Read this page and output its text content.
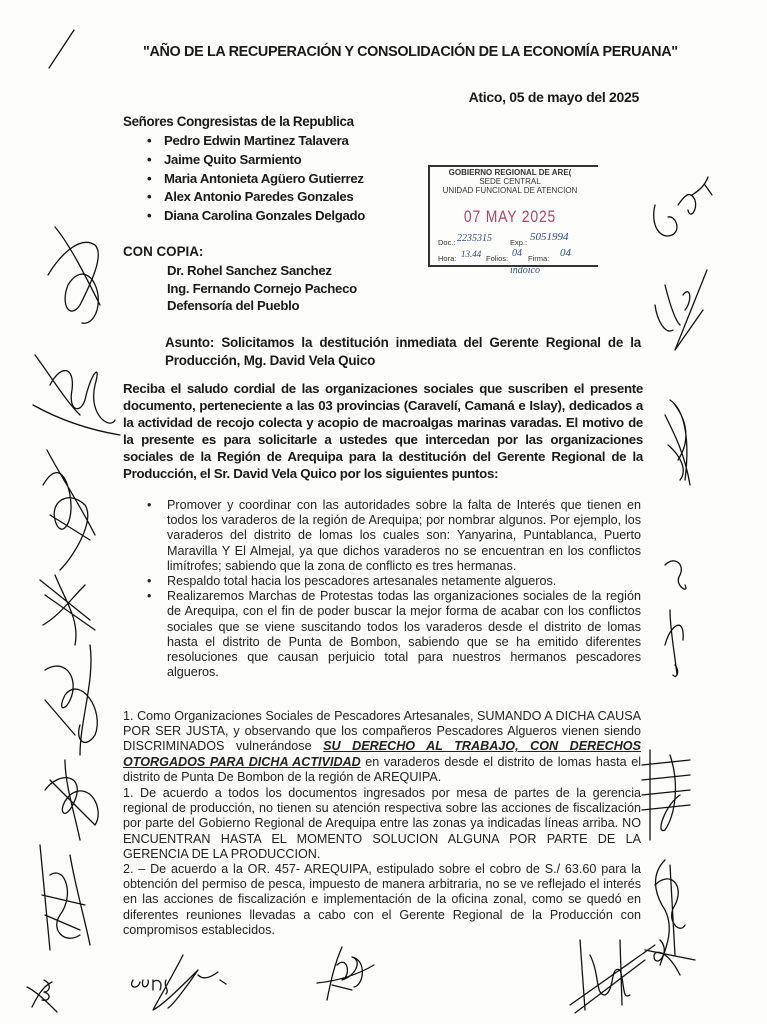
"AÑO DE LA RECUPERACIÓN Y CONSOLIDACIÓN DE LA ECONOMÍA PERUANA"
Atico, 05 de mayo del 2025
Señores Congresistas de la Republica
• Pedro Edwin Martinez Talavera
• Jaime Quito Sarmiento
• Maria Antonieta Agüero Gutierrez
• Alex Antonio Paredes Gonzales
• Diana Carolina Gonzales Delgado
GOBIERNO REGIONAL DE ARE(
SEDE CENTRAL
UNIDAD FUNCIONAL DE ATENCION
07 MAY 2025
Doc.: 2235315 Exp.: 5051994
Hora: 13.44 Folios: 04 Firma: 04
indoico
CON COPIA:
Dr. Rohel Sanchez Sanchez
Ing. Fernando Cornejo Pacheco
Defensoría del Pueblo
Asunto: Solicitamos la destitución inmediata del Gerente Regional de la Producción, Mg. David Vela Quico
Reciba el saludo cordial de las organizaciones sociales que suscriben el presente documento, perteneciente a las 03 provincias (Caravelí, Camaná e Islay), dedicados a la actividad de recojo colecta y acopio de macroalgas marinas varadas. El motivo de la presente es para solicitarle a ustedes que intercedan por las organizaciones sociales de la Región de Arequipa para la destitución del Gerente Regional de la Producción, el Sr. David Vela Quico por los siguientes puntos:
• Promover y coordinar con las autoridades sobre la falta de Interés que tienen en todos los varaderos de la región de Arequipa; por nombrar algunos. Por ejemplo, los varaderos del distrito de lomas los cuales son: Yanyarina, Puntablanca, Puerto Maravilla Y El Almejal, ya que dichos varaderos no se encuentran en los conflictos limítrofes; sabiendo que la zona de conflicto es tres hermanas.
• Respaldo total hacia los pescadores artesanales netamente algueros.
• Realizaremos Marchas de Protestas todas las organizaciones sociales de la región de Arequipa, con el fin de poder buscar la mejor forma de acabar con los conflictos sociales que se viene suscitando todos los varaderos desde el distrito de lomas hasta el distrito de Punta de Bombon, sabiendo que se ha emitido diferentes resoluciones que causan perjuicio total para nuestros hermanos pescadores algueros.
1. Como Organizaciones Sociales de Pescadores Artesanales, SUMANDO A DICHA CAUSA POR SER JUSTA, y observando que los compañeros Pescadores Algueros vienen siendo DISCRIMINADOS vulnerándose SU DERECHO AL TRABAJO, CON DERECHOS OTORGADOS PARA DICHA ACTIVIDAD en varaderos desde el distrito de lomas hasta el distrito de Punta De Bombon de la región de AREQUIPA.
1. De acuerdo a todos los documentos ingresados por mesa de partes de la gerencia regional de producción, no tienen su atención respectiva sobre las acciones de fiscalización por parte del Gobierno Regional de Arequipa entre las zonas ya indicadas líneas arriba. NO ENCUENTRAN HASTA EL MOMENTO SOLUCION ALGUNA POR PARTE DE LA GERENCIA DE LA PRODUCCION.
2. – De acuerdo a la OR. 457- AREQUIPA, estipulado sobre el cobro de S./ 63.60 para la obtención del permiso de pesca, impuesto de manera arbitraria, no se ve reflejado el interés en las acciones de fiscalización e implementación de la oficina zonal, como se quedó en diferentes reuniones llevadas a cabo con el Gerente Regional de la Producción con compromisos establecidos.
